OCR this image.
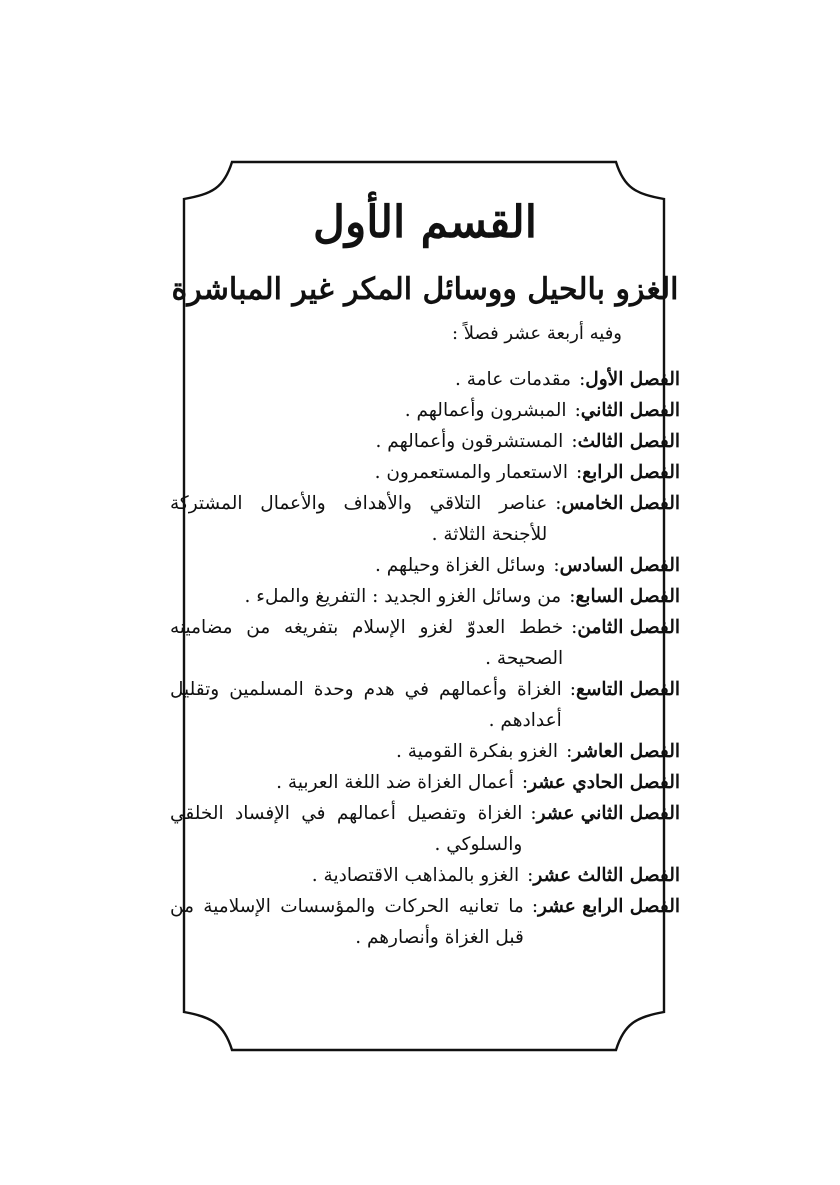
القسم الأول
الغزو بالحيل ووسائل المكر غير المباشرة
وفيه أربعة عشر فصلاً :
الفصل الأول
:
مقدمات عامة .
الفصل الثاني
:
المبشرون وأعمالهم .
الفصل الثالث
:
المستشرقون وأعمالهم .
الفصل الرابع
:
الاستعمار والمستعمرون .
الفصل الخامس
:
عناصر التلاقي والأهداف والأعمال المشتركة للأجنحة الثلاثة .
الفصل السادس
:
وسائل الغزاة وحيلهم .
الفصل السابع
:
من وسائل الغزو الجديد : التفريغ والملء .
الفصل الثامن
:
خطط العدوّ لغزو الإسلام بتفريغه من مضامينه الصحيحة .
الفصل التاسع
:
الغزاة وأعمالهم في هدم وحدة المسلمين وتقليل أعدادهم .
الفصل العاشر
:
الغزو بفكرة القومية .
الفصل الحادي عشر
:
أعمال الغزاة ضد اللغة العربية .
الفصل الثاني عشر
:
الغزاة وتفصيل أعمالهم في الإفساد الخلقي والسلوكي .
الفصل الثالث عشر
:
الغزو بالمذاهب الاقتصادية .
الفصل الرابع عشر
:
ما تعانيه الحركات والمؤسسات الإسلامية من قبل الغزاة وأنصارهم .
